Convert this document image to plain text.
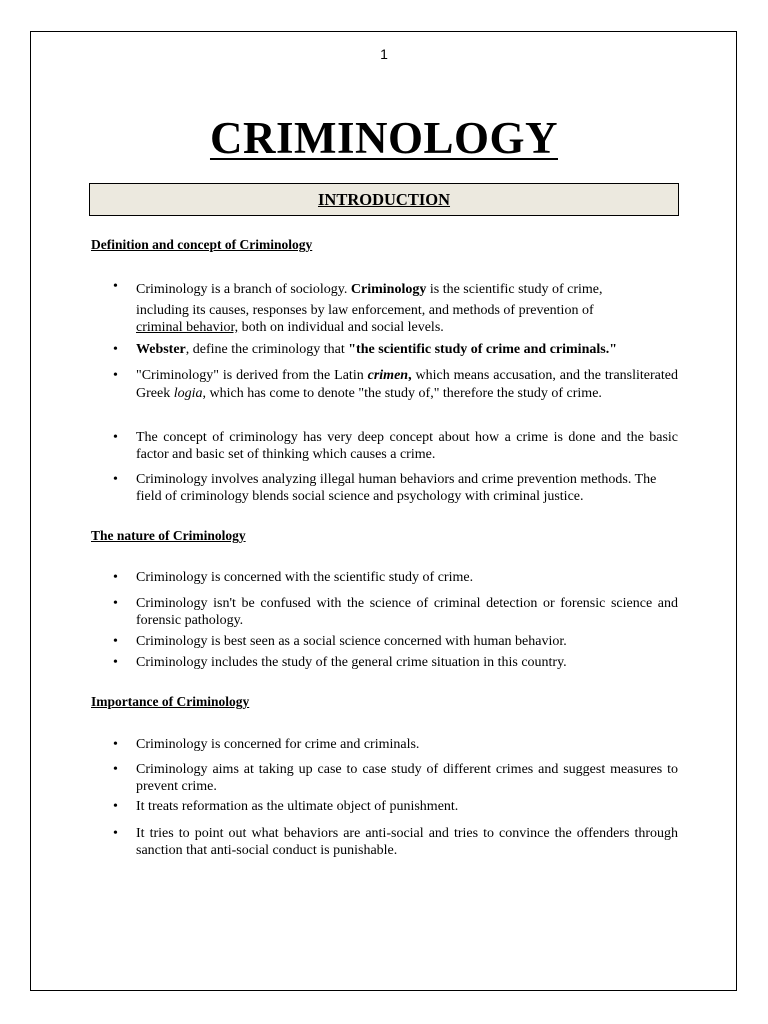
1
CRIMINOLOGY
INTRODUCTION
Definition and concept of Criminology
•	Criminology is a branch of sociology. Criminology is the scientific study of crime,
including its causes, responses by law enforcement, and methods of prevention of
criminal behavior, both on individual and social levels.
•	Webster, define the criminology that "the scientific study of crime and criminals."
•	"Criminology" is derived from the Latin crimen, which means accusation, and the transliterated Greek logia, which has come to denote "the study of," therefore the study of crime.
•	The concept of criminology has very deep concept about how a crime is done and the basic factor and basic set of thinking which causes a crime.
•	Criminology involves analyzing illegal human behaviors and crime prevention methods. The field of criminology blends social science and psychology with criminal justice.
The nature of Criminology
•	Criminology is concerned with the scientific study of crime.
•	Criminology isn't be confused with the science of criminal detection or forensic science and forensic pathology.
•	Criminology is best seen as a social science concerned with human behavior.
•	Criminology includes the study of the general crime situation in this country.
Importance of Criminology
•	Criminology is concerned for crime and criminals.
•	Criminology aims at taking up case to case study of different crimes and suggest measures to prevent crime.
•	It treats reformation as the ultimate object of punishment.
•	It tries to point out what behaviors are anti-social and tries to convince the offenders through sanction that anti-social conduct is punishable.
